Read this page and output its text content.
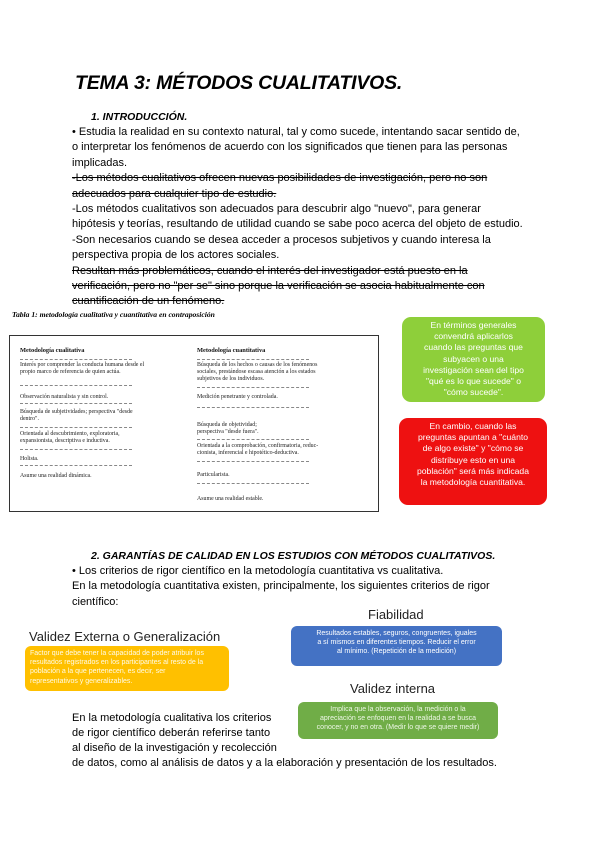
TEMA 3: MÉTODOS CUALITATIVOS.
1. INTRODUCCIÓN.
• Estudia la realidad en su contexto natural, tal y como sucede, intentando sacar sentido de,
o interpretar los fenómenos de acuerdo con los significados que tienen para las personas
implicadas.
-Los métodos cualitativos ofrecen nuevas posibilidades de investigación, pero no son
adecuados para cualquier tipo de estudio.
-Los métodos cualitativos son adecuados para descubrir algo "nuevo", para generar
hipótesis y teorías, resultando de utilidad cuando se sabe poco acerca del objeto de estudio.
-Son necesarios cuando se desea acceder a procesos subjetivos y cuando interesa la
perspectiva propia de los actores sociales.
Resultan más problemáticos, cuando el interés del investigador está puesto en la
verificación, pero no "per se" sino porque la verificación se asocia habitualmente con
cuantificación de un fenómeno.
Tabla 1: metodología cualitativa y cuantitativa en contraposición
Metodología cualitativa
Interés por comprender la conducta humana desde el
propio marco de referencia de quien actúa.
Observación naturalista y sin control.
Búsqueda de subjetividades; perspectiva "desde
dentro".
Orientada al descubrimiento, exploratoria,
expansionista, descriptiva e inductiva.
Holista.
Asume una realidad dinámica.
Metodología cuantitativa
Búsqueda de los hechos o causas de los fenómenos
sociales, prestándose escasa atención a los estados
subjetivos de los individuos.
Medición penetrante y controlada.
Búsqueda de objetividad;
perspectiva "desde fuera".
Orientada a la comprobación, confirmatoria, reduc-
cionista, inferencial e hipotético-deductiva.
Particularista.
Asume una realidad estable.
En términos generales
convendrá aplicarlos
cuando las preguntas que
subyacen o una
investigación sean del tipo
"qué es lo que sucede" o
"cómo sucede".
En cambio, cuando las
preguntas apuntan a "cuánto
de algo existe" y "cómo se
distribuye esto en una
población" será más indicada
la metodología cuantitativa.
2. GARANTÍAS DE CALIDAD EN LOS ESTUDIOS CON MÉTODOS CUALITATIVOS.
• Los criterios de rigor científico en la metodología cuantitativa vs cualitativa.
En la metodología cuantitativa existen, principalmente, los siguientes criterios de rigor
científico:
Fiabilidad
Resultados estables, seguros, congruentes, iguales
a sí mismos en diferentes tiempos. Reducir el error
al mínimo. (Repetición de la medición)
Validez Externa o Generalización
Factor que debe tener la capacidad de poder atribuir los
resultados registrados en los participantes al resto de la
población a la que pertenecen, es decir, ser
representativos y generalizables.	Validez interna
Implica que la observación, la medición o la
apreciación se enfoquen en la realidad a se busca
conocer, y no en otra. (Medir lo que se quiere medir)
En la metodología cualitativa los criterios
de rigor científico deberán referirse tanto
al diseño de la investigación y recolección
de datos, como al análisis de datos y a la elaboración y presentación de los resultados.
